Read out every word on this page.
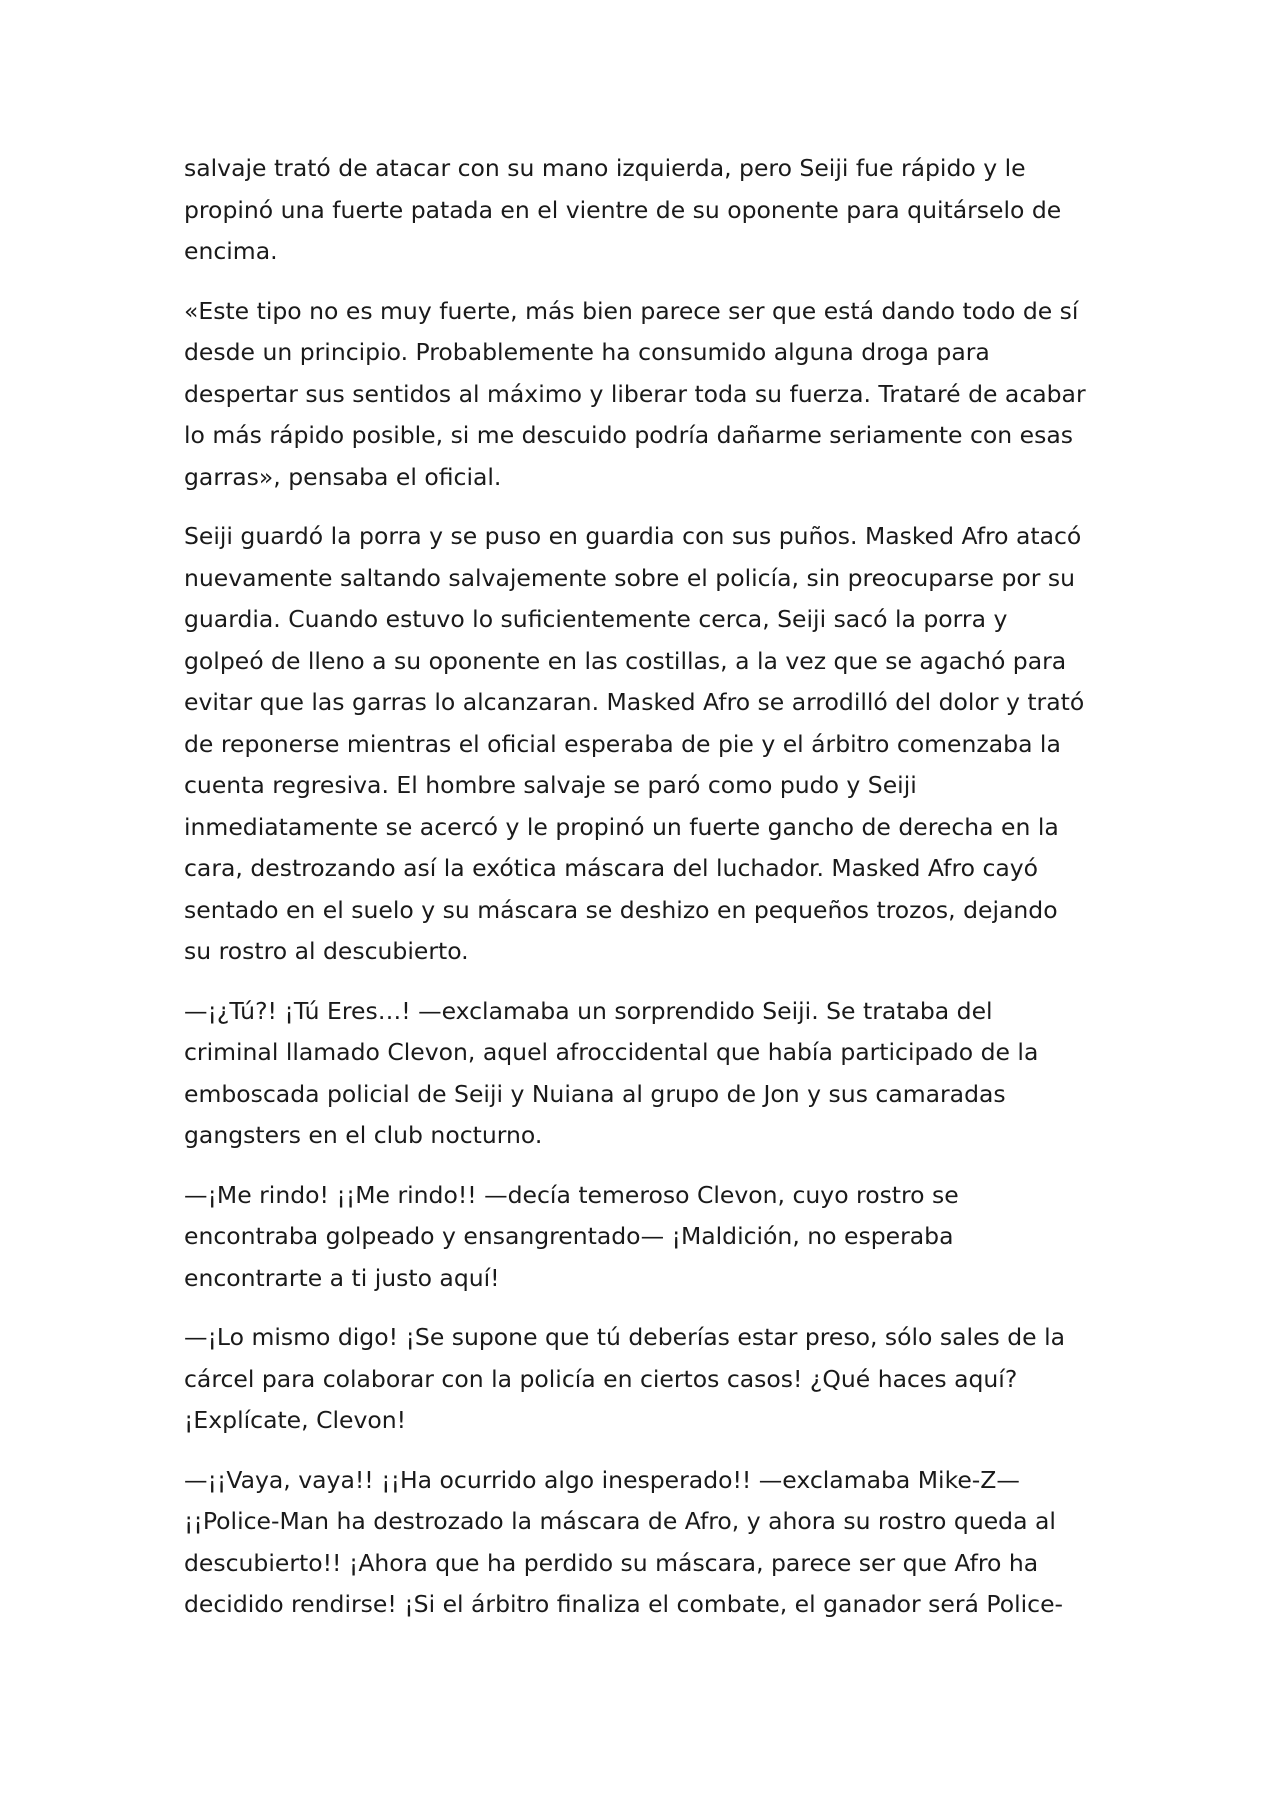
salvaje trató de atacar con su mano izquierda, pero Seiji fue rápido y le
propinó una fuerte patada en el vientre de su oponente para quitárselo de
encima.

«Este tipo no es muy fuerte, más bien parece ser que está dando todo de sí
desde un principio. Probablemente ha consumido alguna droga para
despertar sus sentidos al máximo y liberar toda su fuerza. Trataré de acabar
lo más rápido posible, si me descuido podría dañarme seriamente con esas
garras», pensaba el oficial.

Seiji guardó la porra y se puso en guardia con sus puños. Masked Afro atacó
nuevamente saltando salvajemente sobre el policía, sin preocuparse por su
guardia. Cuando estuvo lo suficientemente cerca, Seiji sacó la porra y
golpeó de lleno a su oponente en las costillas, a la vez que se agachó para
evitar que las garras lo alcanzaran. Masked Afro se arrodilló del dolor y trató
de reponerse mientras el oficial esperaba de pie y el árbitro comenzaba la
cuenta regresiva. El hombre salvaje se paró como pudo y Seiji
inmediatamente se acercó y le propinó un fuerte gancho de derecha en la
cara, destrozando así la exótica máscara del luchador. Masked Afro cayó
sentado en el suelo y su máscara se deshizo en pequeños trozos, dejando
su rostro al descubierto.

—¡¿Tú?! ¡Tú Eres…! —exclamaba un sorprendido Seiji. Se trataba del
criminal llamado Clevon, aquel afroccidental que había participado de la
emboscada policial de Seiji y Nuiana al grupo de Jon y sus camaradas
gangsters en el club nocturno.

—¡Me rindo! ¡¡Me rindo!! —decía temeroso Clevon, cuyo rostro se
encontraba golpeado y ensangrentado— ¡Maldición, no esperaba
encontrarte a ti justo aquí!

—¡Lo mismo digo! ¡Se supone que tú deberías estar preso, sólo sales de la
cárcel para colaborar con la policía en ciertos casos! ¿Qué haces aquí?
¡Explícate, Clevon!

—¡¡Vaya, vaya!! ¡¡Ha ocurrido algo inesperado!! —exclamaba Mike-Z—
¡¡Police-Man ha destrozado la máscara de Afro, y ahora su rostro queda al
descubierto!! ¡Ahora que ha perdido su máscara, parece ser que Afro ha
decidido rendirse! ¡Si el árbitro finaliza el combate, el ganador será Police-
